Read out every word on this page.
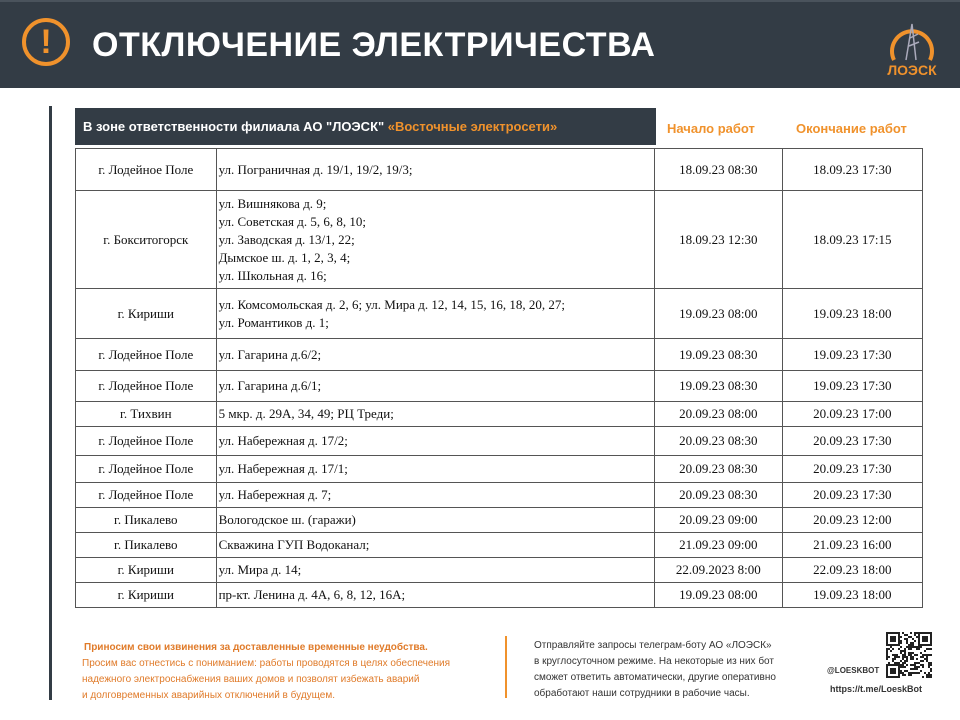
!	ОТКЛЮЧЕНИЕ ЭЛЕКТРИЧЕСТВА
ЛОЭСК
В зоне ответственности филиала АО "ЛОЭСК" «Восточные электросети»	Начало работ	Окончание работ
г. Лодейное Поле	ул. Пограничная д. 19/1, 19/2, 19/3;	18.09.23 08:30	18.09.23 17:30
г. Бокситогорск	ул. Вишнякова д. 9;
ул. Советская д. 5, 6, 8, 10;
ул. Заводская д. 13/1, 22;
Дымское ш. д. 1, 2, 3, 4;
ул. Школьная д. 16;	18.09.23 12:30	18.09.23 17:15
г. Кириши	ул. Комсомольская д. 2, 6; ул. Мира д. 12, 14, 15, 16, 18, 20, 27;
ул. Романтиков д. 1;	19.09.23 08:00	19.09.23 18:00
г. Лодейное Поле	ул. Гагарина д.6/2;	19.09.23 08:30	19.09.23 17:30
г. Лодейное Поле	ул. Гагарина д.6/1;	19.09.23 08:30	19.09.23 17:30
г. Тихвин	5 мкр. д. 29А, 34, 49; РЦ Треди;	20.09.23 08:00	20.09.23 17:00
г. Лодейное Поле	ул. Набережная д. 17/2;	20.09.23 08:30	20.09.23 17:30
г. Лодейное Поле	ул. Набережная д. 17/1;	20.09.23 08:30	20.09.23 17:30
г. Лодейное Поле	ул. Набережная д. 7;	20.09.23 08:30	20.09.23 17:30
г. Пикалево	Вологодское ш. (гаражи)	20.09.23 09:00	20.09.23 12:00
г. Пикалево	Скважина ГУП Водоканал;	21.09.23 09:00	21.09.23 16:00
г. Кириши	ул. Мира д. 14;	22.09.2023 8:00	22.09.23 18:00
г. Кириши	пр-кт. Ленина д. 4А, 6, 8, 12, 16А;	19.09.23 08:00	19.09.23 18:00
Приносим свои извинения за доставленные временные неудобства.
Просим вас отнестись с пониманием: работы проводятся в целях обеспечения
надежного электроснабжения ваших домов и позволят избежать аварий
и долговременных аварийных отключений в будущем.
Отправляйте запросы телеграм-боту АО «ЛОЭСК»
в круглосуточном режиме. На некоторые из них бот
сможет ответить автоматически, другие оперативно
обработают наши сотрудники в рабочие часы.
@LOESKBOT
https://t.me/LoeskBot
